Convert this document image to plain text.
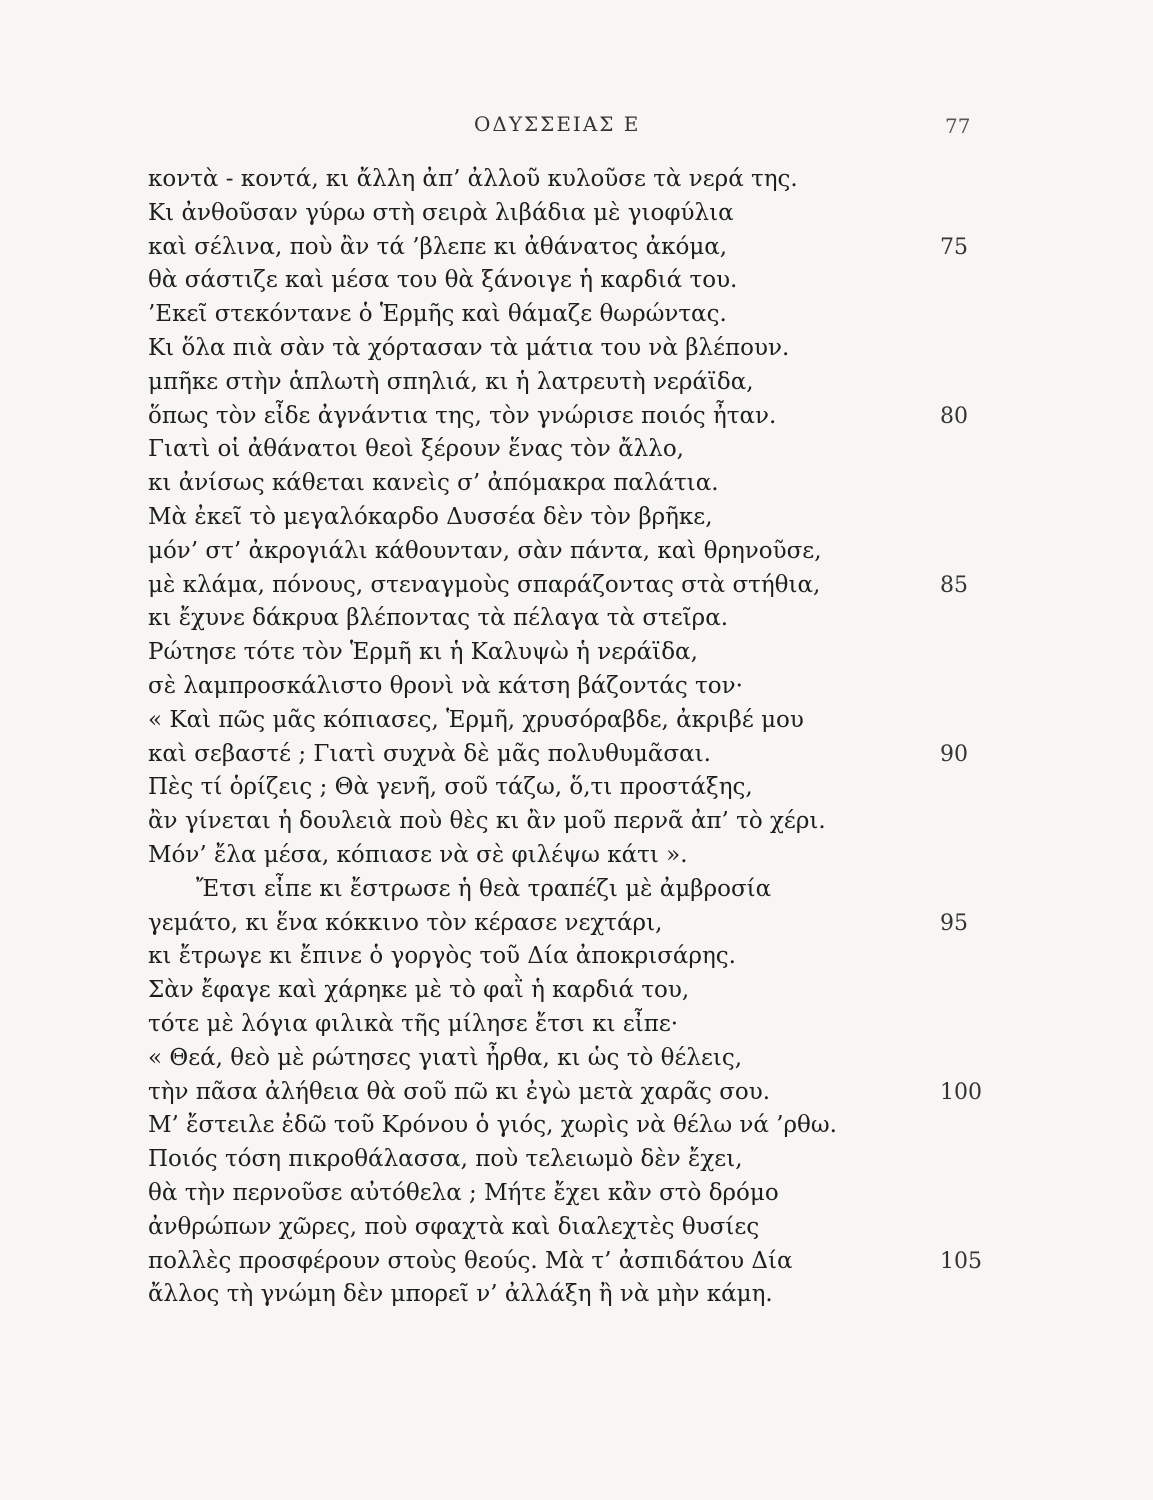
ΟΔΥΣΣΕΙΑΣ Ε	77
κοντὰ - κοντά, κι ἄλλη ἀπ’ ἀλλοῦ κυλοῦσε τὰ νερά της.
Κι ἀνθοῦσαν γύρω στὴ σειρὰ λιβάδια μὲ γιοφύλια
καὶ σέλινα, ποὺ ἂν τά ’βλεπε κι ἀθάνατος ἀκόμα,	75
θὰ σάστιζε καὶ μέσα του θὰ ξάνοιγε ἡ καρδιά του.
’Εκεῖ στεκόντανε ὁ Ἑρμῆς καὶ θάμαζε θωρώντας.
Κι ὅλα πιὰ σὰν τὰ χόρτασαν τὰ μάτια του νὰ βλέπουν.
μπῆκε στὴν ἁπλωτὴ σπηλιά, κι ἡ λατρευτὴ νεράϊδα,
ὅπως τὸν εἶδε ἀγνάντια της, τὸν γνώρισε ποιός ἦταν.	80
Γιατὶ οἱ ἀθάνατοι θεοὶ ξέρουν ἕνας τὸν ἄλλο,
κι ἀνίσως κάθεται κανεὶς σ’ ἀπόμακρα παλάτια.
Μὰ ἐκεῖ τὸ μεγαλόκαρδο Δυσσέα δὲν τὸν βρῆκε,
μόν’ στ’ ἀκρογιάλι κάθουνταν, σὰν πάντα, καὶ θρηνοῦσε,
μὲ κλάμα, πόνους, στεναγμοὺς σπαράζοντας στὰ στήθια,	85
κι ἔχυνε δάκρυα βλέποντας τὰ πέλαγα τὰ στεῖρα.
Ρώτησε τότε τὸν Ἑρμῆ κι ἡ Καλυψὼ ἡ νεράϊδα,
σὲ λαμπροσκάλιστο θρονὶ νὰ κάτση βάζοντάς τον·
« Καὶ πῶς μᾶς κόπιασες, Ἑρμῆ, χρυσόραβδε, ἀκριβέ μου
καὶ σεβαστέ ; Γιατὶ συχνὰ δὲ μᾶς πολυθυμᾶσαι.	90
Πὲς τί ὁρίζεις ; Θὰ γενῆ, σοῦ τάζω, ὅ,τι προστάξης,
ἂν γίνεται ἡ δουλειὰ ποὺ θὲς κι ἂν μοῦ περνᾶ ἀπ’ τὸ χέρι.
Μόν’ ἔλα μέσα, κόπιασε νὰ σὲ φιλέψω κάτι ».
Ἔτσι εἶπε κι ἔστρωσε ἡ θεὰ τραπέζι μὲ ἀμβροσία
γεμάτο, κι ἕνα κόκκινο τὸν κέρασε νεχτάρι,	95
κι ἔτρωγε κι ἔπινε ὁ γοργὸς τοῦ Δία ἀποκρισάρης.
Σὰν ἔφαγε καὶ χάρηκε μὲ τὸ φαῒ ἡ καρδιά του,
τότε μὲ λόγια φιλικὰ τῆς μίλησε ἔτσι κι εἶπε·
« Θεά, θεὸ μὲ ρώτησες γιατὶ ἦρθα, κι ὡς τὸ θέλεις,
τὴν πᾶσα ἀλήθεια θὰ σοῦ πῶ κι ἐγὼ μετὰ χαρᾶς σου.	100
Μ’ ἔστειλε ἐδῶ τοῦ Κρόνου ὁ γιός, χωρὶς νὰ θέλω νά ’ρθω.
Ποιός τόση πικροθάλασσα, ποὺ τελειωμὸ δὲν ἔχει,
θὰ τὴν περνοῦσε αὐτόθελα ; Μήτε ἔχει κἂν στὸ δρόμο
ἀνθρώπων χῶρες, ποὺ σφαχτὰ καὶ διαλεχτὲς θυσίες
πολλὲς προσφέρουν στοὺς θεούς. Μὰ τ’ ἀσπιδάτου Δία	105
ἄλλος τὴ γνώμη δὲν μπορεῖ ν’ ἀλλάξη ἢ νὰ μὴν κάμη.
